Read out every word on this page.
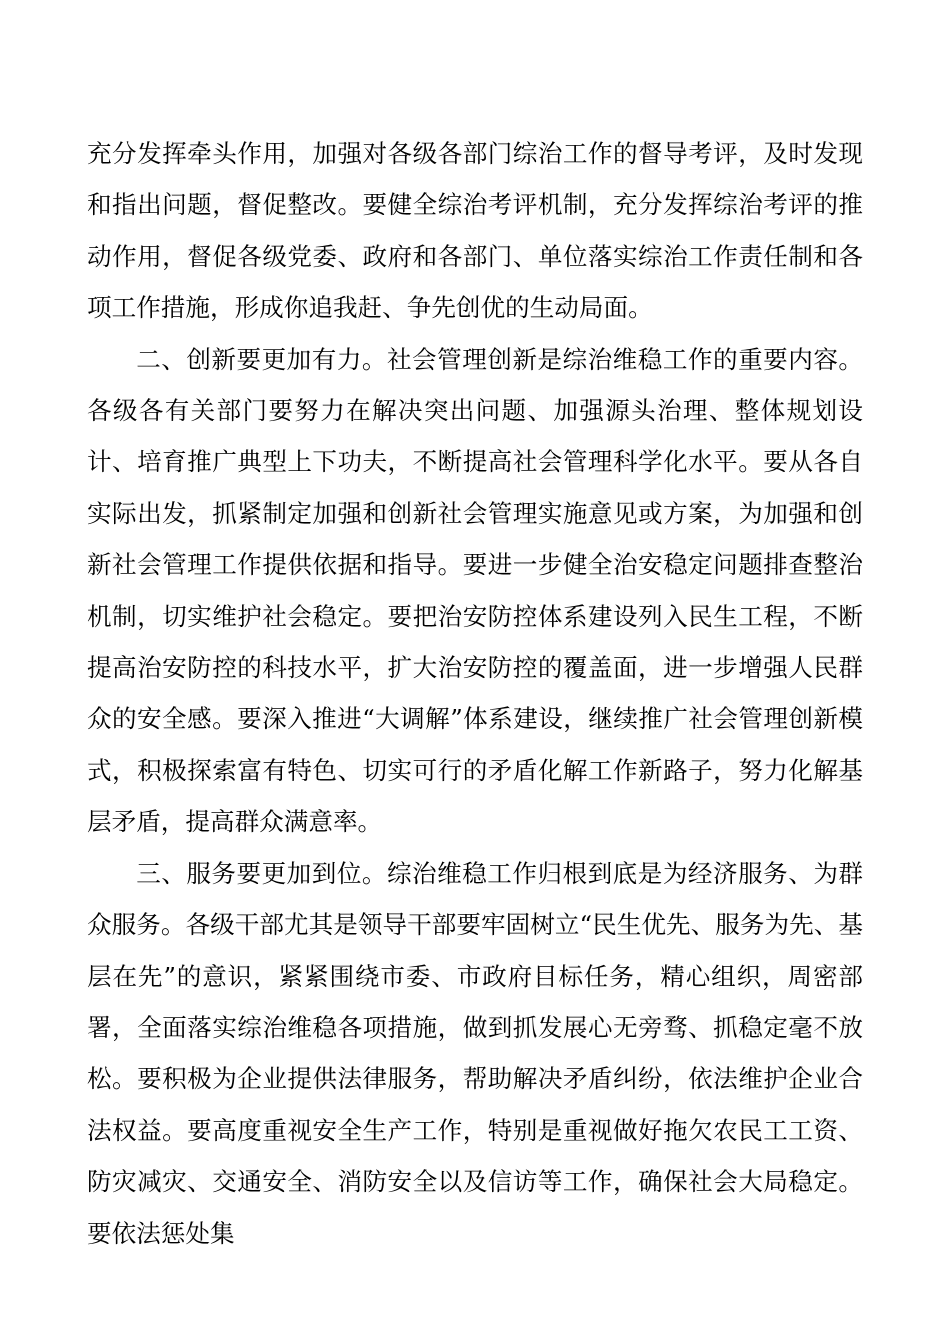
充分发挥牵头作用，加强对各级各部门综治工作的督导考评，及时发现和指出问题，督促整改。要健全综治考评机制，充分发挥综治考评的推动作用，督促各级党委、政府和各部门、单位落实综治工作责任制和各项工作措施，形成你追我赶、争先创优的生动局面。

二、创新要更加有力。社会管理创新是综治维稳工作的重要内容。各级各有关部门要努力在解决突出问题、加强源头治理、整体规划设计、培育推广典型上下功夫，不断提高社会管理科学化水平。要从各自实际出发，抓紧制定加强和创新社会管理实施意见或方案，为加强和创新社会管理工作提供依据和指导。要进一步健全治安稳定问题排查整治机制，切实维护社会稳定。要把治安防控体系建设列入民生工程，不断提高治安防控的科技水平，扩大治安防控的覆盖面，进一步增强人民群众的安全感。要深入推进“大调解”体系建设，继续推广社会管理创新模式，积极探索富有特色、切实可行的矛盾化解工作新路子，努力化解基层矛盾，提高群众满意率。

三、服务要更加到位。综治维稳工作归根到底是为经济服务、为群众服务。各级干部尤其是领导干部要牢固树立“民生优先、服务为先、基层在先”的意识，紧紧围绕市委、市政府目标任务，精心组织，周密部署，全面落实综治维稳各项措施，做到抓发展心无旁骛、抓稳定毫不放松。要积极为企业提供法律服务，帮助解决矛盾纠纷，依法维护企业合法权益。要高度重视安全生产工作，特别是重视做好拖欠农民工工资、防灾减灾、交通安全、消防安全以及信访等工作，确保社会大局稳定。要依法惩处集
